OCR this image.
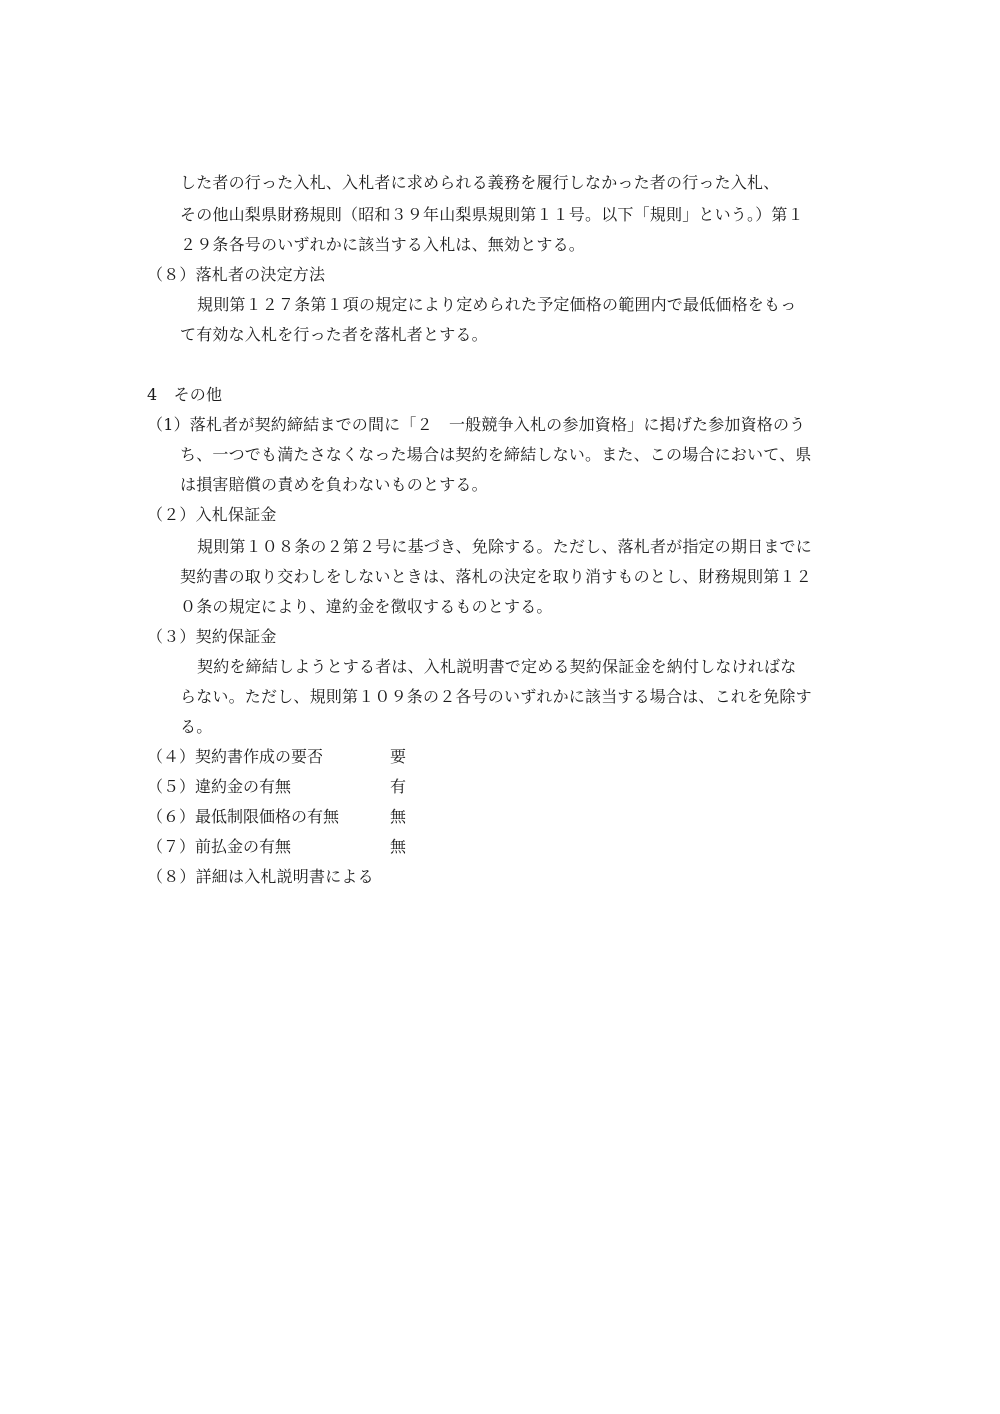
した者の行った入札、入札者に求められる義務を履行しなかった者の行った入札、
その他山梨県財務規則（昭和３９年山梨県規則第１１号。以下「規則」という。）第１
２９条各号のいずれかに該当する入札は、無効とする。
（８）落札者の決定方法
規則第１２７条第１項の規定により定められた予定価格の範囲内で最低価格をもっ
て有効な入札を行った者を落札者とする。
4　その他
（1）落札者が契約締結までの間に「２　一般競争入札の参加資格」に掲げた参加資格のう
ち、一つでも満たさなくなった場合は契約を締結しない。また、この場合において、県
は損害賠償の責めを負わないものとする。
（２）入札保証金
規則第１０８条の２第２号に基づき、免除する。ただし、落札者が指定の期日までに
契約書の取り交わしをしないときは、落札の決定を取り消すものとし、財務規則第１２
０条の規定により、違約金を徴収するものとする。
（３）契約保証金
契約を締結しようとする者は、入札説明書で定める契約保証金を納付しなければな
らない。ただし、規則第１０９条の２各号のいずれかに該当する場合は、これを免除す
る。
（４）契約書作成の要否	要
（５）違約金の有無	有
（６）最低制限価格の有無	無
（７）前払金の有無	無
（８）詳細は入札説明書による
